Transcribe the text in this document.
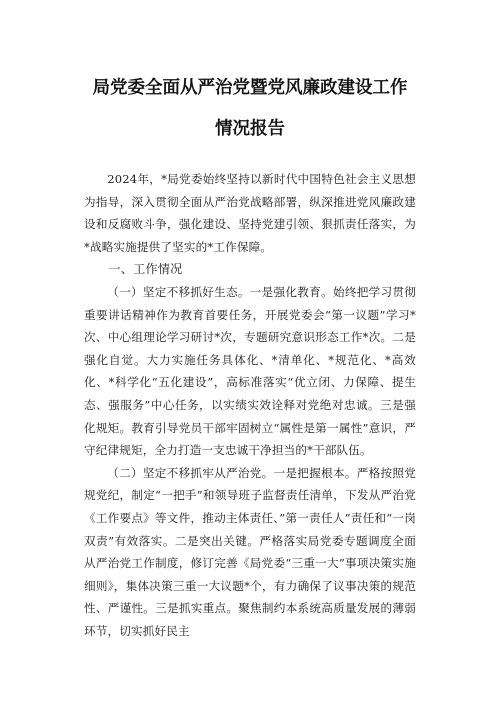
局党委全面从严治党暨党风廉政建设工作
情况报告

2024年，*局党委始终坚持以新时代中国特色社会主义思想为指导，深入贯彻全面从严治党战略部署，纵深推进党风廉政建设和反腐败斗争，强化建设、坚持党建引领、狠抓责任落实，为*战略实施提供了坚实的*工作保障。

一、工作情况

（一）坚定不移抓好生态。一是强化教育。始终把学习贯彻重要讲话精神作为教育首要任务，开展党委会“第一议题”学习*次、中心组理论学习研讨*次，专题研究意识形态工作*次。二是强化自觉。大力实施任务具体化、*清单化、*规范化、*高效化、*科学化“五化建设”，高标准落实“优立闭、力保障、提生态、强服务”中心任务，以实绩实效诠释对党绝对忠诚。三是强化规矩。教育引导党员干部牢固树立“属性是第一属性”意识，严守纪律规矩，全力打造一支忠诚干净担当的*干部队伍。

（二）坚定不移抓牢从严治党。一是把握根本。严格按照党规党纪，制定“一把手”和领导班子监督责任清单，下发从严治党《工作要点》等文件，推动主体责任、”第一责任人”责任和“一岗双责”有效落实。二是突出关键。严格落实局党委专题调度全面从严治党工作制度，修订完善《局党委“三重一大”事项决策实施细则》，集体决策三重一大议题*个，有力确保了议事决策的规范性、严谨性。三是抓实重点。聚焦制约本系统高质量发展的薄弱环节，切实抓好民主
